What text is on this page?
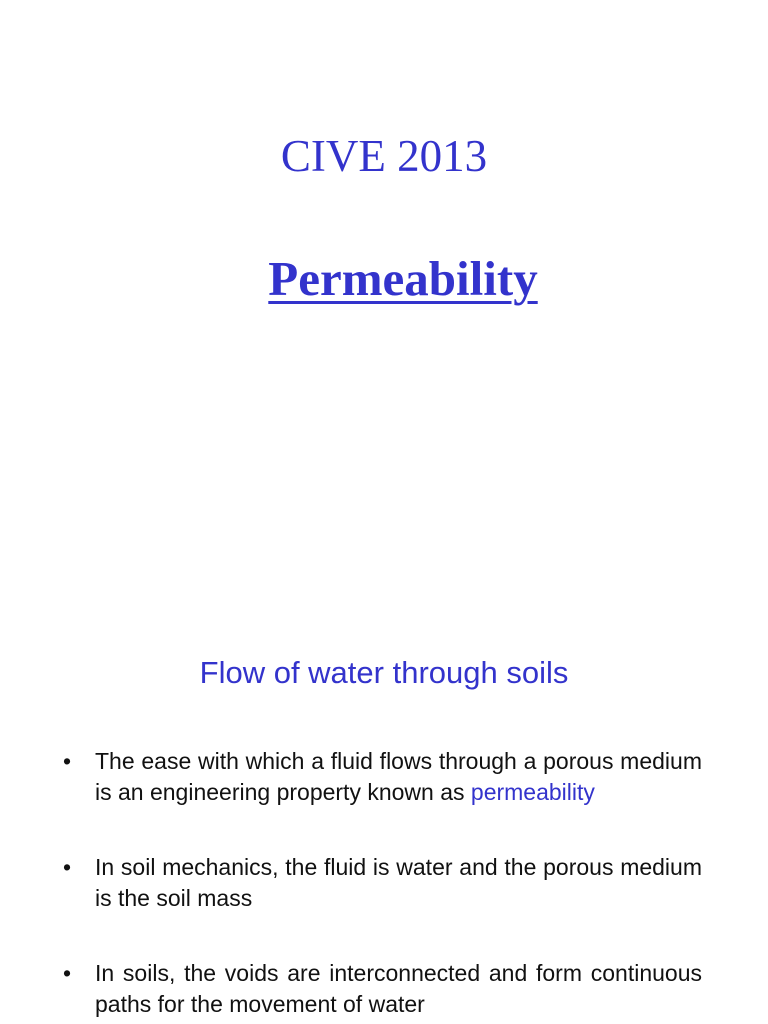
CIVE 2013
Permeability
Flow of water through soils
• The ease with which a fluid flows through a porous medium is an engineering property known as permeability
• In soil mechanics, the fluid is water and the porous medium is the soil mass
• In soils, the voids are interconnected and form continuous paths for the movement of water
